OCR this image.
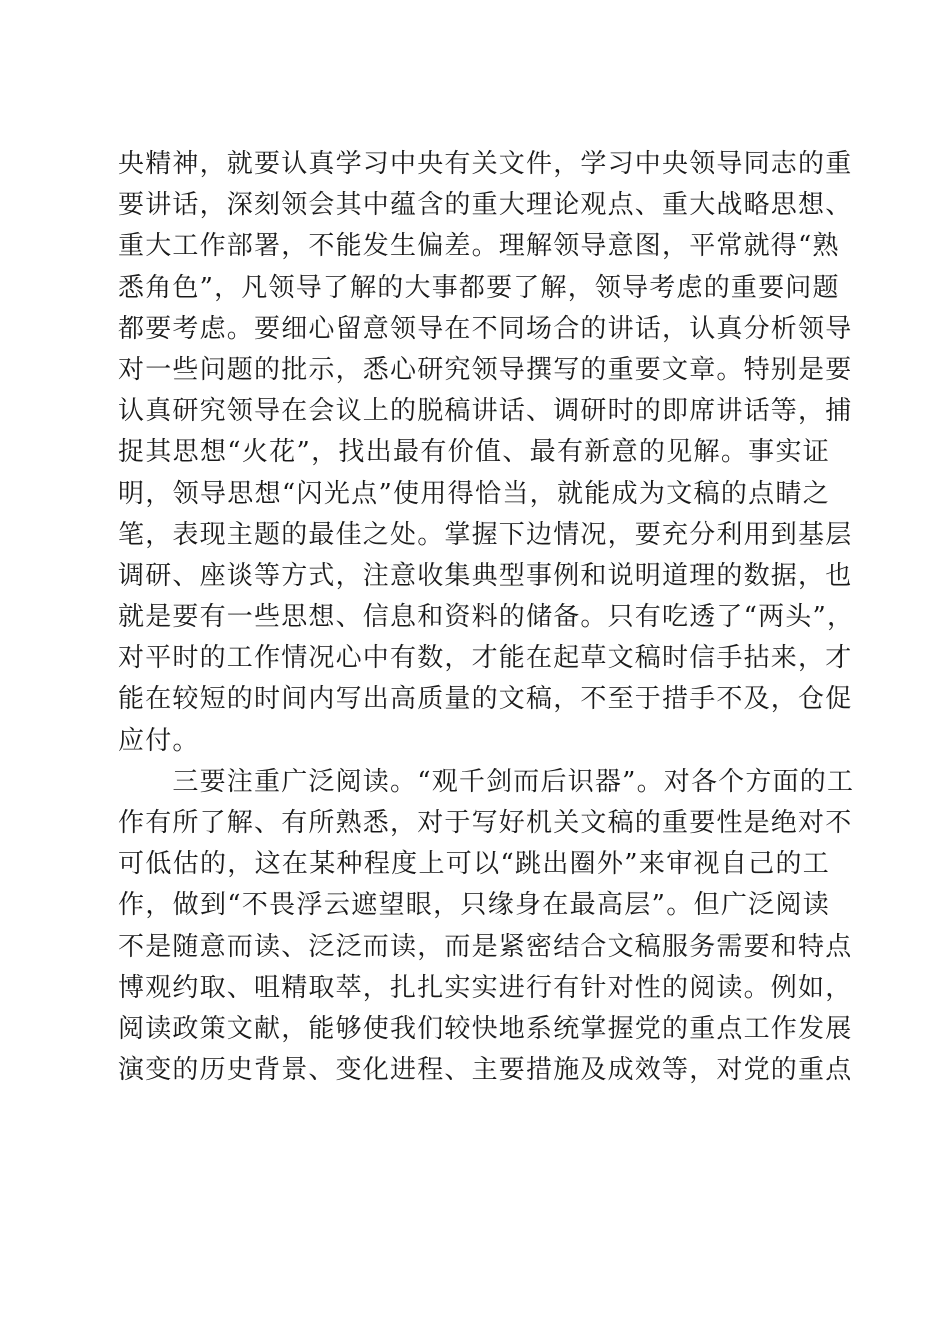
央精神，就要认真学习中央有关文件，学习中央领导同志的重
要讲话，深刻领会其中蕴含的重大理论观点、重大战略思想、
重大工作部署，不能发生偏差。理解领导意图，平常就得“熟
悉角色”，凡领导了解的大事都要了解，领导考虑的重要问题
都要考虑。要细心留意领导在不同场合的讲话，认真分析领导
对一些问题的批示，悉心研究领导撰写的重要文章。特别是要
认真研究领导在会议上的脱稿讲话、调研时的即席讲话等，捕
捉其思想“火花”，找出最有价值、最有新意的见解。事实证
明，领导思想“闪光点”使用得恰当，就能成为文稿的点睛之
笔，表现主题的最佳之处。掌握下边情况，要充分利用到基层
调研、座谈等方式，注意收集典型事例和说明道理的数据，也
就是要有一些思想、信息和资料的储备。只有吃透了“两头”，
对平时的工作情况心中有数，才能在起草文稿时信手拈来，才
能在较短的时间内写出高质量的文稿，不至于措手不及，仓促
应付。
　　三要注重广泛阅读。“观千剑而后识器”。对各个方面的工
作有所了解、有所熟悉，对于写好机关文稿的重要性是绝对不
可低估的，这在某种程度上可以“跳出圈外”来审视自己的工
作，做到“不畏浮云遮望眼，只缘身在最高层”。但广泛阅读
不是随意而读、泛泛而读，而是紧密结合文稿服务需要和特点
博观约取、咀精取萃，扎扎实实进行有针对性的阅读。例如，
阅读政策文献，能够使我们较快地系统掌握党的重点工作发展
演变的历史背景、变化进程、主要措施及成效等，对党的重点
